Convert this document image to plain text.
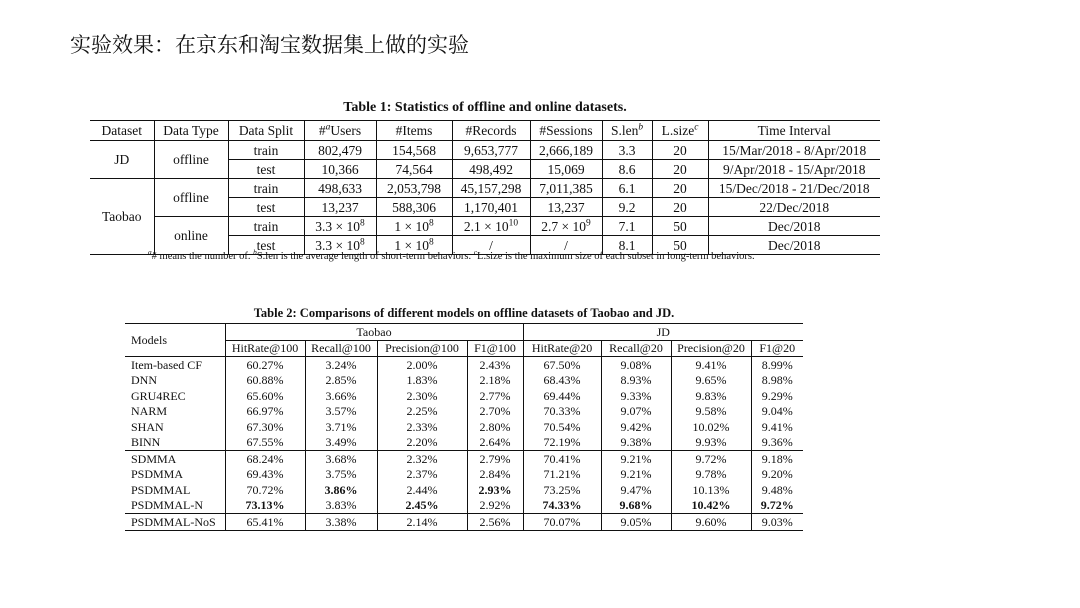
实验效果：在京东和淘宝数据集上做的实验
Table 1: Statistics of offline and online datasets.
Dataset	Data Type	Data Split	#$^a$Users	#Items	#Records	#Sessions	S.len$^b$	L.size$^c$	Time Interval
JD	offline	train	802,479	154,568	9,653,777	2,666,189	3.3	20	15/Mar/2018 - 8/Apr/2018
		test	10,366	74,564	498,492	15,069	8.6	20	9/Apr/2018 - 15/Apr/2018
Taobao	offline	train	498,633	2,053,798	45,157,298	7,011,385	6.1	20	15/Dec/2018 - 21/Dec/2018
		test	13,237	588,306	1,170,401	13,237	9.2	20	22/Dec/2018
	online	train	$3.3 \times 10^8$	$1 \times 10^8$	$2.1 \times 10^{10}$	$2.7 \times 10^9$	7.1	50	Dec/2018
		test	$3.3 \times 10^8$	$1 \times 10^8$	/	/	8.1	50	Dec/2018
$^a$# means the number of. $^b$S.len is the average length of short-term behaviors. $^c$L.size is the maximum size of each subset in long-term behaviors.
Table 2: Comparisons of different models on offline datasets of Taobao and JD.
Models	Taobao				JD			
	HitRate@100	Recall@100	Precision@100	F1@100	HitRate@20	Recall@20	Precision@20	F1@20
Item-based CF	60.27%	3.24%	2.00%	2.43%	67.50%	9.08%	9.41%	8.99%
DNN	60.88%	2.85%	1.83%	2.18%	68.43%	8.93%	9.65%	8.98%
GRU4REC	65.60%	3.66%	2.30%	2.77%	69.44%	9.33%	9.83%	9.29%
NARM	66.97%	3.57%	2.25%	2.70%	70.33%	9.07%	9.58%	9.04%
SHAN	67.30%	3.71%	2.33%	2.80%	70.54%	9.42%	10.02%	9.41%
BINN	67.55%	3.49%	2.20%	2.64%	72.19%	9.38%	9.93%	9.36%
SDMMA	68.24%	3.68%	2.32%	2.79%	70.41%	9.21%	9.72%	9.18%
PSDMMA	69.43%	3.75%	2.37%	2.84%	71.21%	9.21%	9.78%	9.20%
PSDMMAL	70.72%	3.86%	2.44%	2.93%	73.25%	9.47%	10.13%	9.48%
PSDMMAL-N	73.13%	3.83%	2.45%	2.92%	74.33%	9.68%	10.42%	9.72%
PSDMMAL-NoS	65.41%	3.38%	2.14%	2.56%	70.07%	9.05%	9.60%	9.03%
